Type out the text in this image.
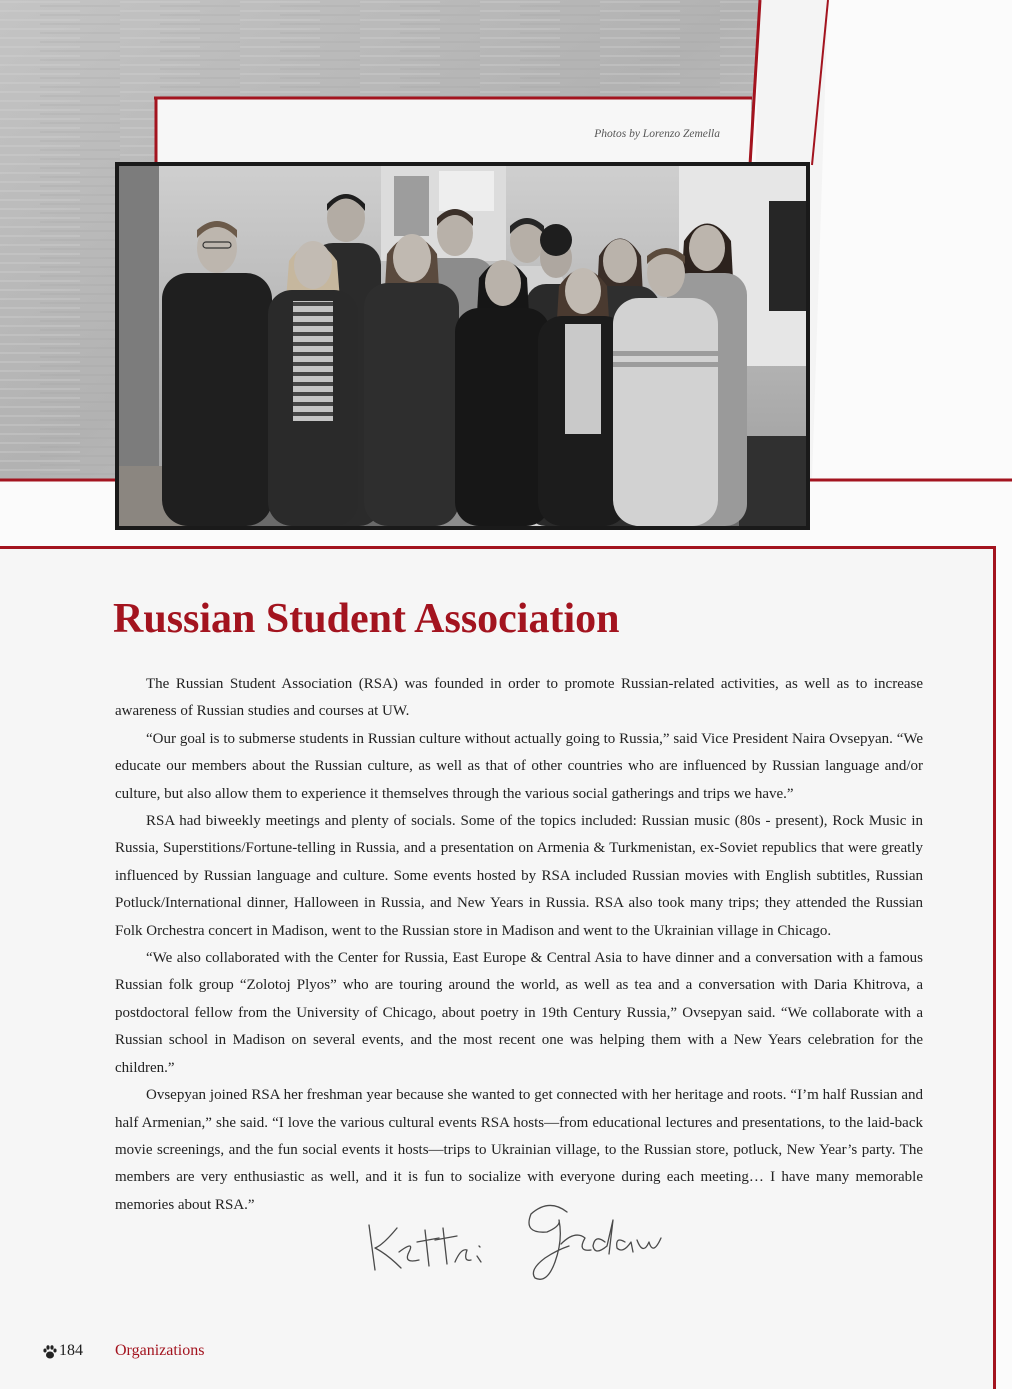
Photos by Lorenzo Zemella
Russian Student Association

The Russian Student Association (RSA) was founded in order to promote Russian-related activities, as well as to increase awareness of Russian studies and courses at UW.

“Our goal is to submerse students in Russian culture without actually going to Russia,” said Vice President Naira Ovsepyan. “We educate our members about the Russian culture, as well as that of other countries who are influenced by Russian language and/or culture, but also allow them to experience it themselves through the various social gatherings and trips we have.”

RSA had biweekly meetings and plenty of socials. Some of the topics included: Russian music (80s - present), Rock Music in Russia, Superstitions/Fortune-telling in Russia, and a presentation on Armenia & Turkmenistan, ex-Soviet republics that were greatly influenced by Russian language and culture. Some events hosted by RSA included Russian movies with English subtitles, Russian Potluck/International dinner, Halloween in Russia, and New Years in Russia. RSA also took many trips; they attended the Russian Folk Orchestra concert in Madison, went to the Russian store in Madison and went to the Ukrainian village in Chicago.

“We also collaborated with the Center for Russia, East Europe & Central Asia to have dinner and a conversation with a famous Russian folk group “Zolotoj Plyos” who are touring around the world, as well as tea and a conversation with Daria Khitrova, a postdoctoral fellow from the University of Chicago, about poetry in 19th Century Russia,” Ovsepyan said. “We collaborate with a Russian school in Madison on several events, and the most recent one was helping them with a New Years celebration for the children.”

Ovsepyan joined RSA her freshman year because she wanted to get connected with her heritage and roots. “I’m half Russian and half Armenian,” she said. “I love the various cultural events RSA hosts—from educational lectures and presentations, to the laid-back movie screenings, and the fun social events it hosts—trips to Ukrainian village, to the Russian store, potluck, New Year’s party. The members are very enthusiastic as well, and it is fun to socialize with everyone during each meeting… I have many memorable memories about RSA.”

184 Organizations
